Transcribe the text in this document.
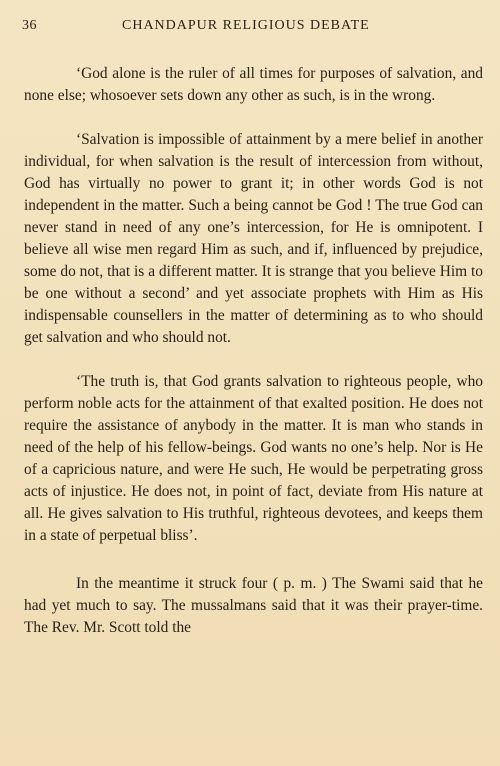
36	CHANDAPUR RELIGIOUS DEBATE

‘God alone is the ruler of all times for purposes of salvation, and none else; whosoever sets down any other as such, is in the wrong.

‘Salvation is impossible of attainment by a mere belief in another individual, for when salvation is the result of intercession from without, God has virtually no power to grant it; in other words God is not independent in the matter. Such a being cannot be God ! The true God can never stand in need of any one’s intercession, for He is omnipotent. I believe all wise men regard Him as such, and if, influenced by prejudice, some do not, that is a different matter. It is strange that you believe Him to be one without a second’ and yet associate prophets with Him as His indispensable counsellers in the matter of determining as to who should get salvation and who should not.

‘The truth is, that God grants salvation to righteous people, who perform noble acts for the attainment of that exalted position. He does not require the assistance of anybody in the matter. It is man who stands in need of the help of his fellow-beings. God wants no one’s help. Nor is He of a capricious nature, and were He such, He would be perpetrating gross acts of injustice. He does not, in point of fact, deviate from His nature at all. He gives salvation to His truthful, righteous devotees, and keeps them in a state of perpetual bliss’.

In the meantime it struck four ( p. m. ) The Swami said that he had yet much to say. The mussalmans said that it was their prayer-time. The Rev. Mr. Scott told the
